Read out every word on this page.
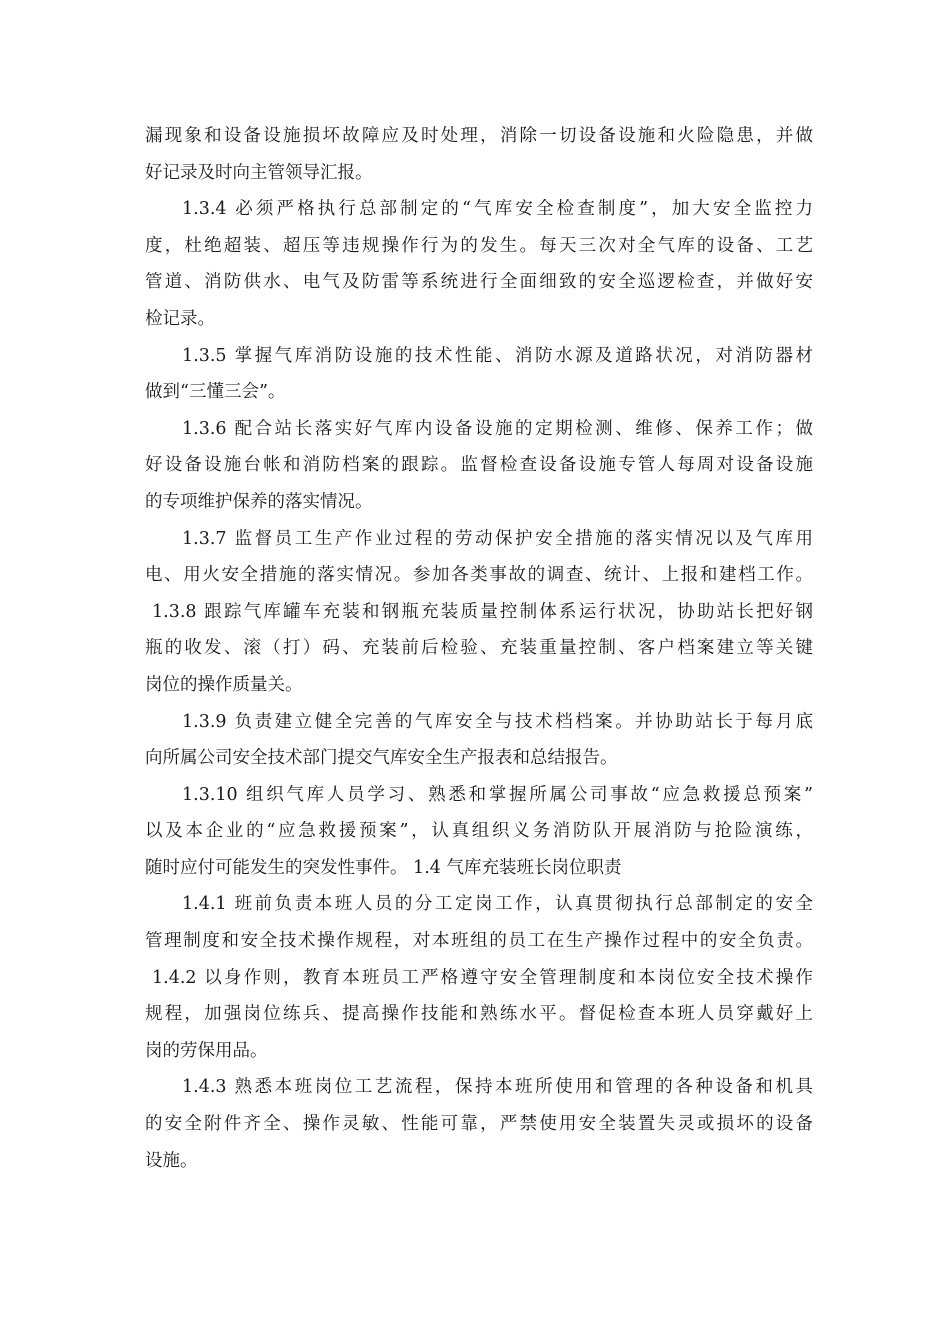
漏现象和设备设施损坏故障应及时处理，消除一切设备设施和火险隐患，并做
好记录及时向主管领导汇报。
1.3.4 必须严格执行总部制定的“气库安全检查制度”，加大安全监控力
度，杜绝超装、超压等违规操作行为的发生。每天三次对全气库的设备、工艺
管道、消防供水、电气及防雷等系统进行全面细致的安全巡逻检查，并做好安
检记录。
1.3.5 掌握气库消防设施的技术性能、消防水源及道路状况，对消防器材
做到“三懂三会”。
1.3.6 配合站长落实好气库内设备设施的定期检测、维修、保养工作；做
好设备设施台帐和消防档案的跟踪。监督检查设备设施专管人每周对设备设施
的专项维护保养的落实情况。
1.3.7 监督员工生产作业过程的劳动保护安全措施的落实情况以及气库用
电、用火安全措施的落实情况。参加各类事故的调查、统计、上报和建档工作。
1.3.8 跟踪气库罐车充装和钢瓶充装质量控制体系运行状况，协助站长把好钢
瓶的收发、滚（打）码、充装前后检验、充装重量控制、客户档案建立等关键
岗位的操作质量关。
1.3.9 负责建立健全完善的气库安全与技术档档案。并协助站长于每月底
向所属公司安全技术部门提交气库安全生产报表和总结报告。
1.3.10 组织气库人员学习、熟悉和掌握所属公司事故“应急救援总预案”
以及本企业的“应急救援预案”，认真组织义务消防队开展消防与抢险演练，
随时应付可能发生的突发性事件。 1.4 气库充装班长岗位职责
1.4.1 班前负责本班人员的分工定岗工作，认真贯彻执行总部制定的安全
管理制度和安全技术操作规程，对本班组的员工在生产操作过程中的安全负责。
1.4.2 以身作则，教育本班员工严格遵守安全管理制度和本岗位安全技术操作
规程，加强岗位练兵、提高操作技能和熟练水平。督促检查本班人员穿戴好上
岗的劳保用品。
1.4.3 熟悉本班岗位工艺流程，保持本班所使用和管理的各种设备和机具
的安全附件齐全、操作灵敏、性能可靠，严禁使用安全装置失灵或损坏的设备
设施。
